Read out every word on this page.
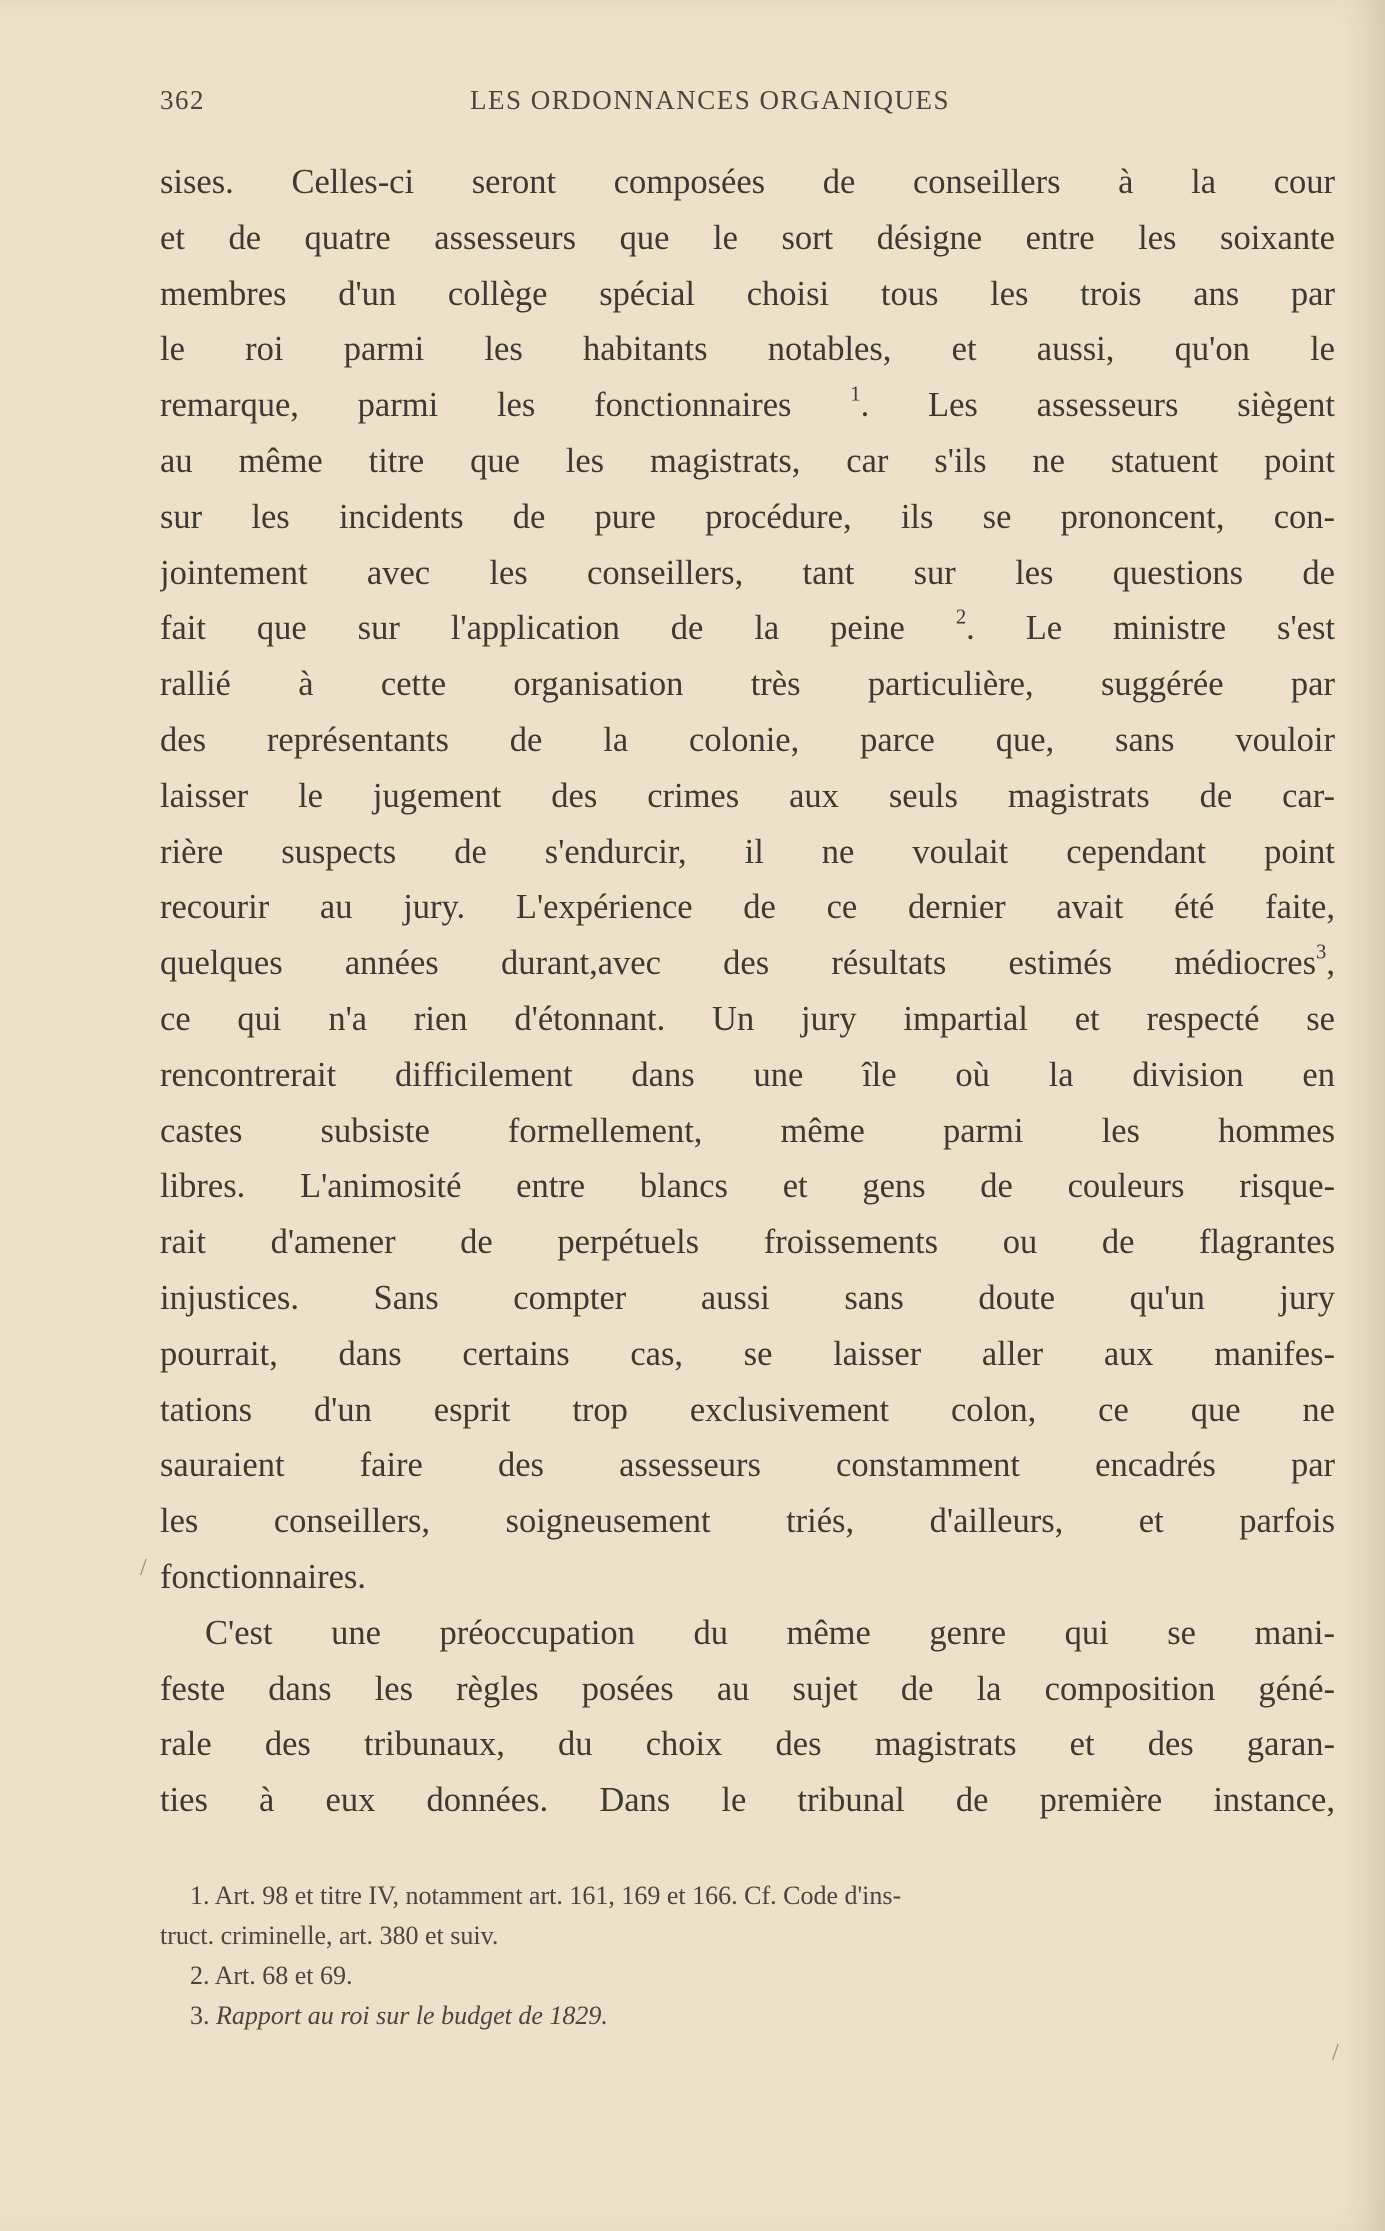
362	LES ORDONNANCES ORGANIQUES
sises. Celles-ci seront composées de conseillers à la cour
et de quatre assesseurs que le sort désigne entre les soixante
membres d'un collège spécial choisi tous les trois ans par
le roi parmi les habitants notables, et aussi, qu'on le
remarque, parmi les fonctionnaires	$^1$. Les assesseurs siègent
au même titre que les magistrats, car s'ils ne statuent point
sur les incidents de pure procédure, ils se prononcent, con-
jointement avec les conseillers, tant sur les questions de
fait que sur l'application de la peine $^2$. Le ministre s'est
rallié à cette organisation très particulière, suggérée par
des représentants de la colonie, parce que, sans vouloir
laisser le jugement des crimes aux seuls magistrats de car-
rière suspects de s'endurcir, il ne voulait cependant point
recourir au jury. L'expérience de ce dernier avait été faite,
quelques années durant,avec des résultats estimés médiocres$^3$,
ce qui n'a rien d'étonnant. Un jury impartial et respecté se
rencontrerait difficilement dans une île où la division en
castes subsiste formellement, même parmi les hommes
libres. L'animosité entre blancs et gens de couleurs risque-
rait d'amener de perpétuels froissements ou de flagrantes
injustices. Sans compter aussi sans doute qu'un jury
pourrait, dans certains cas, se laisser aller aux manifes-
tations d'un esprit trop exclusivement colon, ce que ne
sauraient faire des assesseurs constamment encadrés par
les conseillers, soigneusement triés, d'ailleurs, et parfois
fonctionnaires.
C'est une préoccupation du même genre qui se mani-
feste dans les règles posées au sujet de la composition géné-
rale des tribunaux, du choix des magistrats et des garan-
ties à eux données. Dans le tribunal de première instance,
1. Art. 98 et titre IV, notamment art. 161, 169 et 166. Cf. Code d'ins-
truct. criminelle, art. 380 et suiv.
2. Art. 68 et 69.
3. Rapport au roi sur le budget de 1829.
/
/
